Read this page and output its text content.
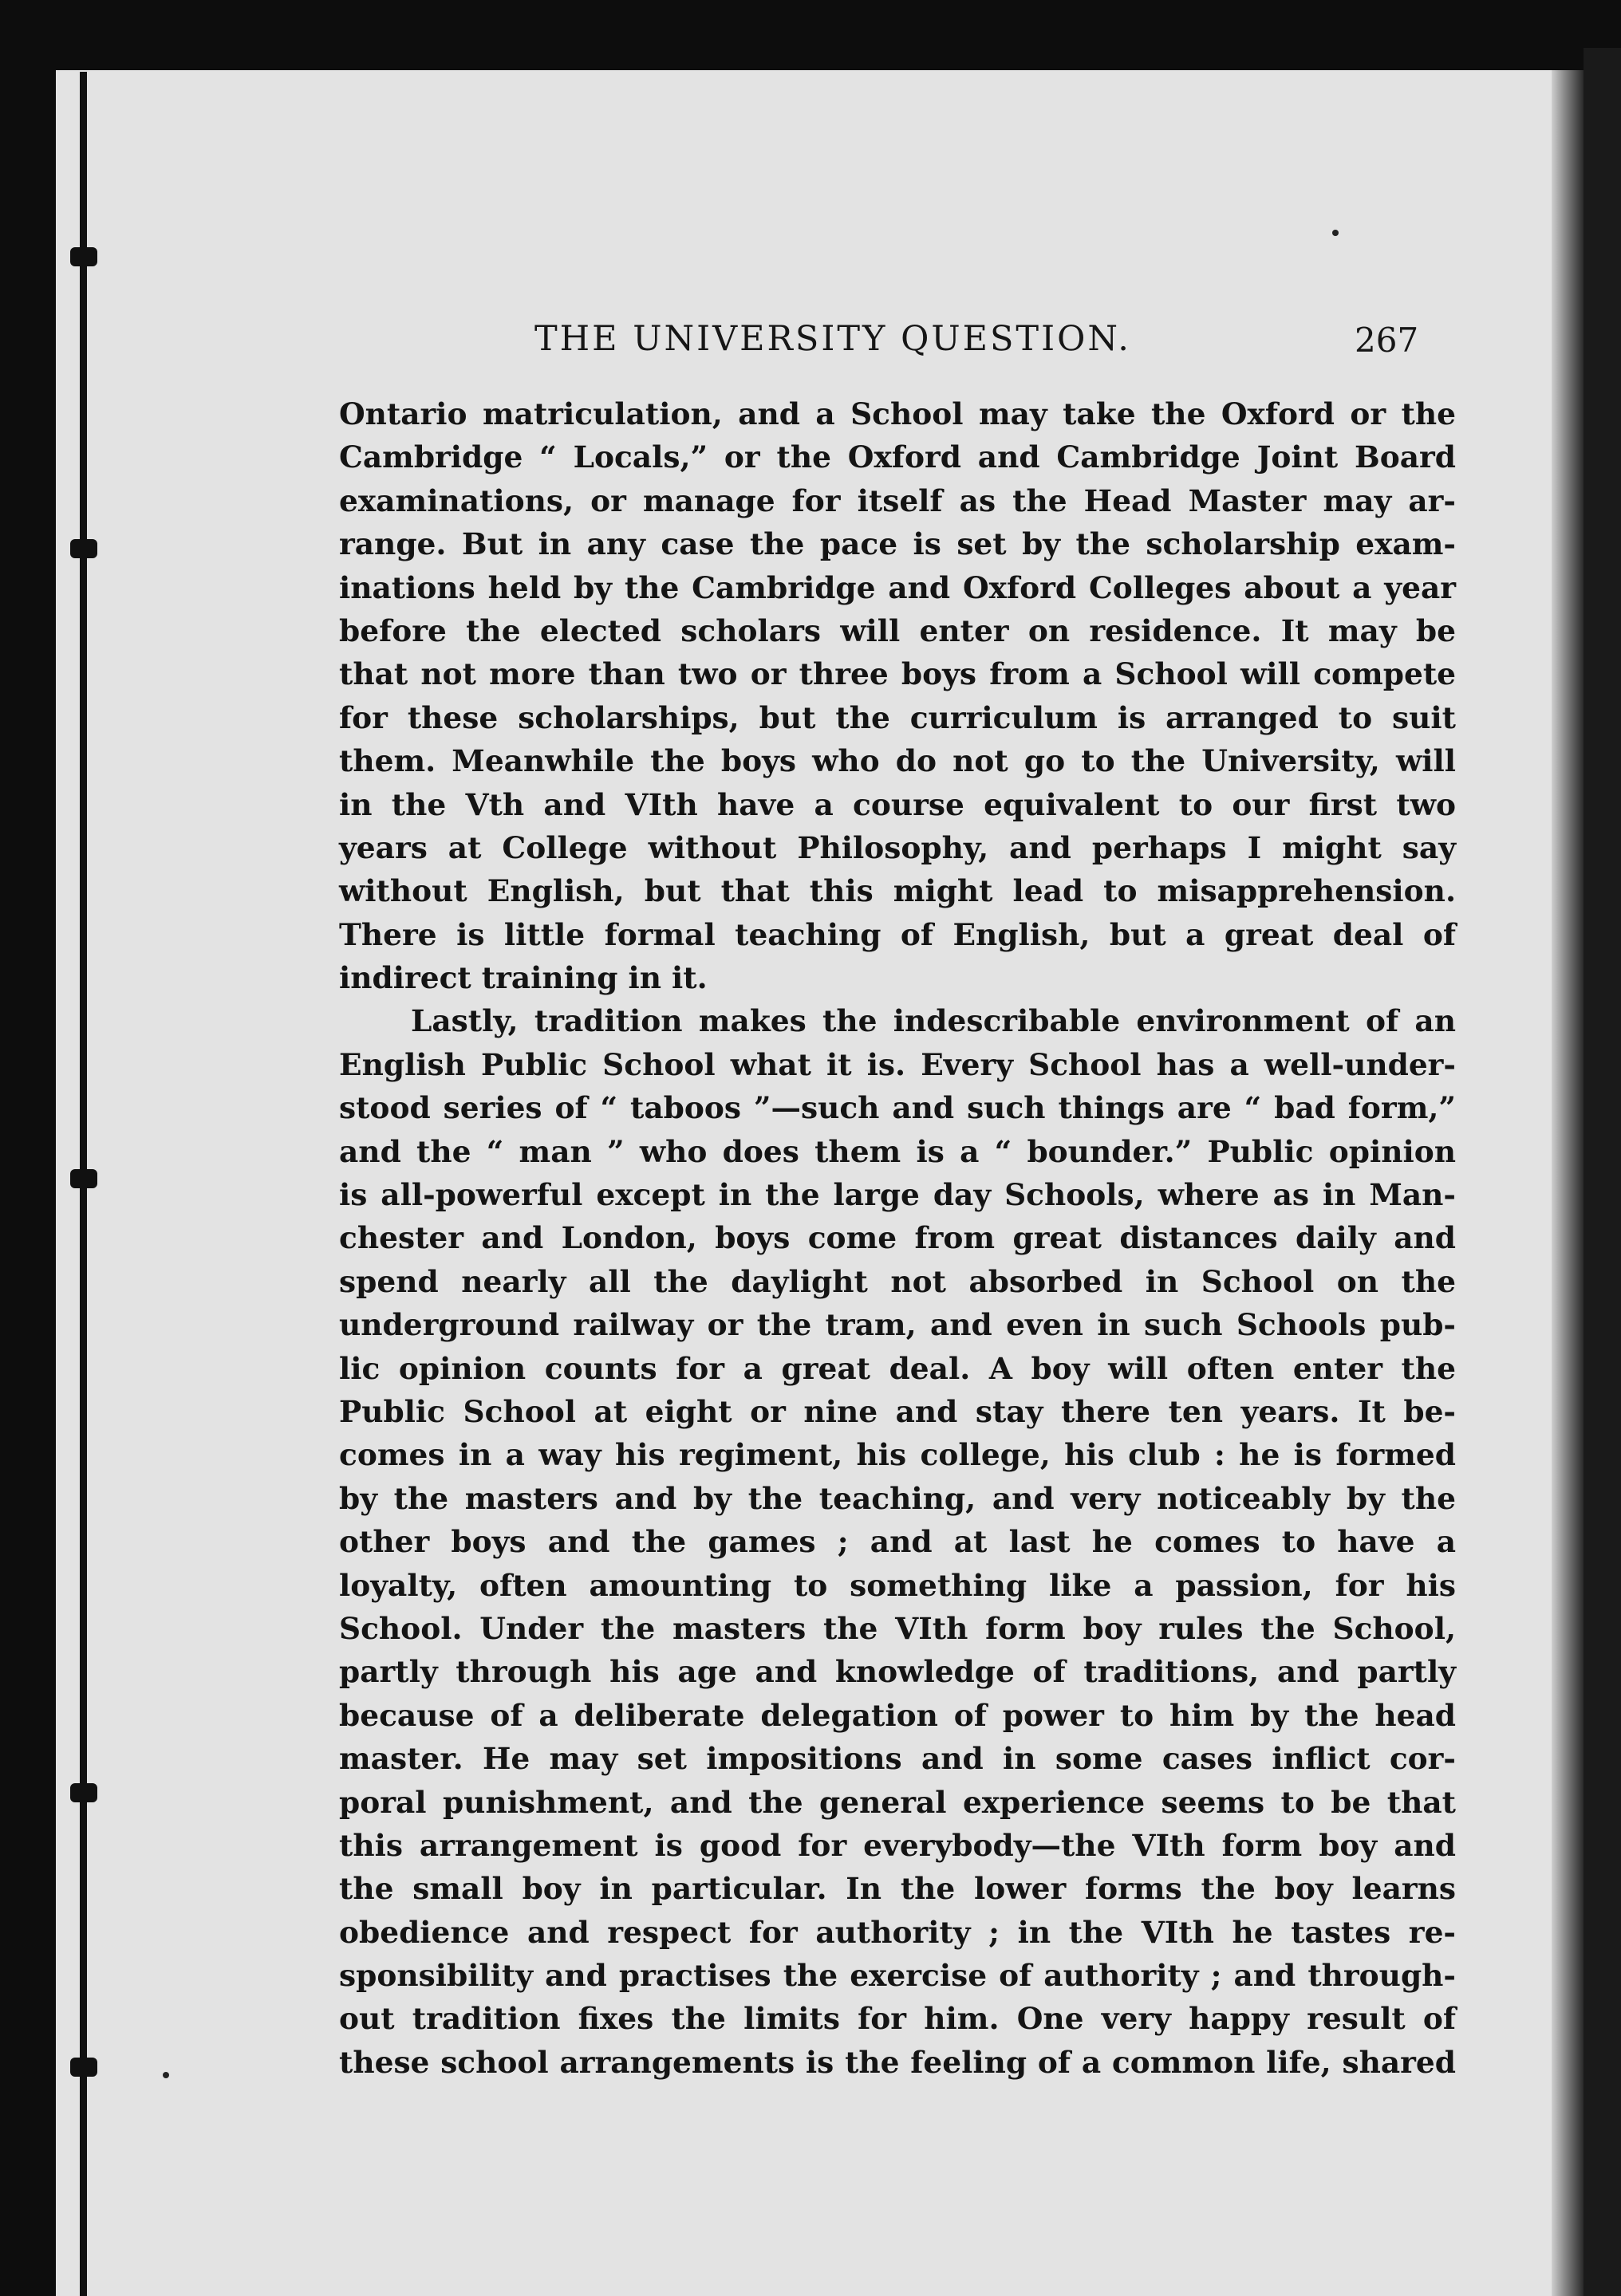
THE UNIVERSITY QUESTION.	267
Ontario matriculation, and a School may take the Oxford or the
Cambridge “ Locals,” or the Oxford and Cambridge Joint Board
examinations, or manage for itself as the Head Master may ar-
range. But in any case the pace is set by the scholarship exam-
inations held by the Cambridge and Oxford Colleges about a year
before the elected scholars will enter on residence. It may be
that not more than two or three boys from a School will compete
for these scholarships, but the curriculum is arranged to suit
them. Meanwhile the boys who do not go to the University, will
in the Vth and VIth have a course equivalent to our first two
years at College without Philosophy, and perhaps I might say
without English, but that this might lead to misapprehension.
There is little formal teaching of English, but a great deal of
indirect training in it.
Lastly, tradition makes the indescribable environment of an
English Public School what it is. Every School has a well-under-
stood series of “ taboos ”—such and such things are “ bad form,”
and the “ man ” who does them is a “ bounder.” Public opinion
is all-powerful except in the large day Schools, where as in Man-
chester and London, boys come from great distances daily and
spend nearly all the daylight not absorbed in School on the
underground railway or the tram, and even in such Schools pub-
lic opinion counts for a great deal. A boy will often enter the
Public School at eight or nine and stay there ten years. It be-
comes in a way his regiment, his college, his club : he is formed
by the masters and by the teaching, and very noticeably by the
other boys and the games ; and at last he comes to have a
loyalty, often amounting to something like a passion, for his
School. Under the masters the VIth form boy rules the School,
partly through his age and knowledge of traditions, and partly
because of a deliberate delegation of power to him by the head
master. He may set impositions and in some cases inflict cor-
poral punishment, and the general experience seems to be that
this arrangement is good for everybody—the VIth form boy and
the small boy in particular. In the lower forms the boy learns
obedience and respect for authority ; in the VIth he tastes re-
sponsibility and practises the exercise of authority ; and through-
out tradition fixes the limits for him. One very happy result of
these school arrangements is the feeling of a common life, shared
